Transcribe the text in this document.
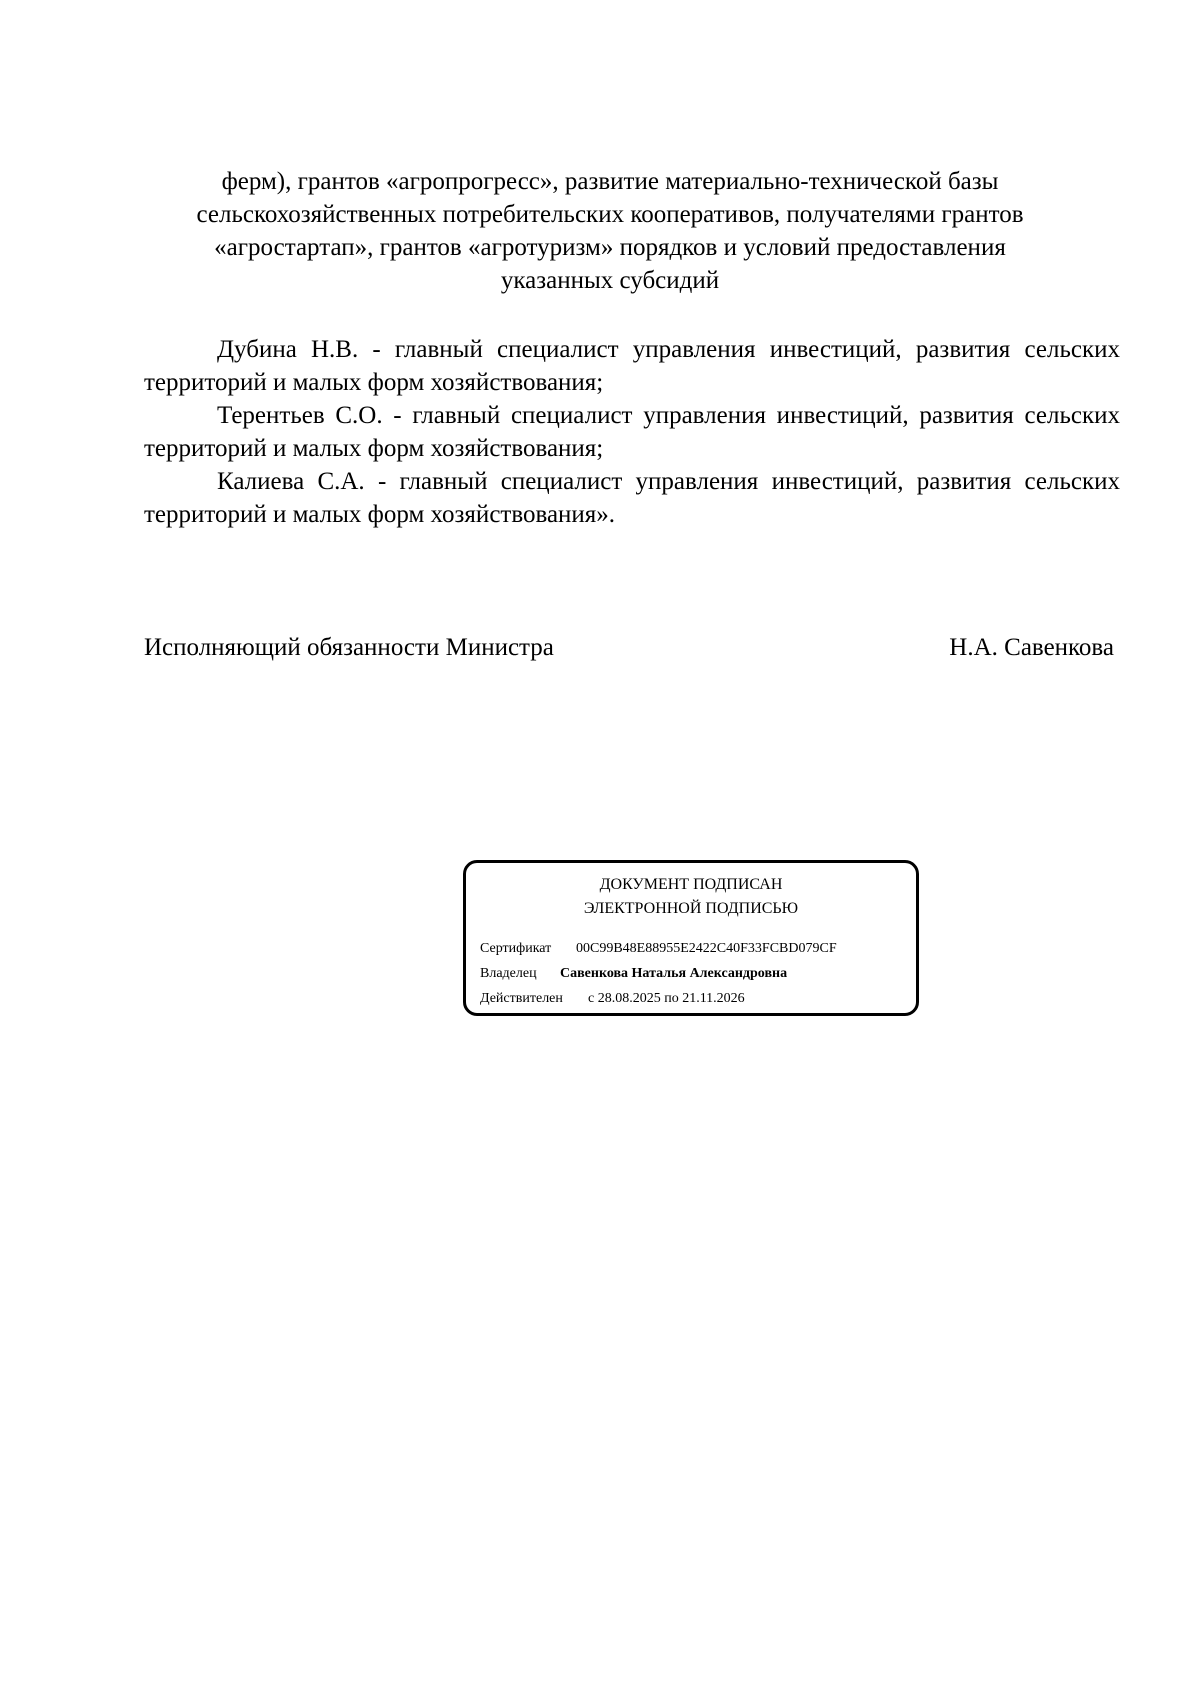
ферм), грантов «агропрогресс», развитие материально-технической базы
сельскохозяйственных потребительских кооперативов, получателями грантов
«агростартап», грантов «агротуризм» порядков и условий предоставления
указанных субсидий
Дубина Н.В. - главный специалист управления инвестиций, развития сельских территорий и малых форм хозяйствования;
Терентьев С.О. - главный специалист управления инвестиций, развития сельских территорий и малых форм хозяйствования;
Калиева С.А. - главный специалист управления инвестиций, развития сельских территорий и малых форм хозяйствования».
Исполняющий обязанности Министра	Н.А. Савенкова
ДОКУМЕНТ ПОДПИСАН
ЭЛЕКТРОННОЙ ПОДПИСЬЮ
Сертификат 00C99B48E88955E2422C40F33FCBD079CF
Владелец Савенкова Наталья Александровна
Действителен с 28.08.2025 по 21.11.2026
